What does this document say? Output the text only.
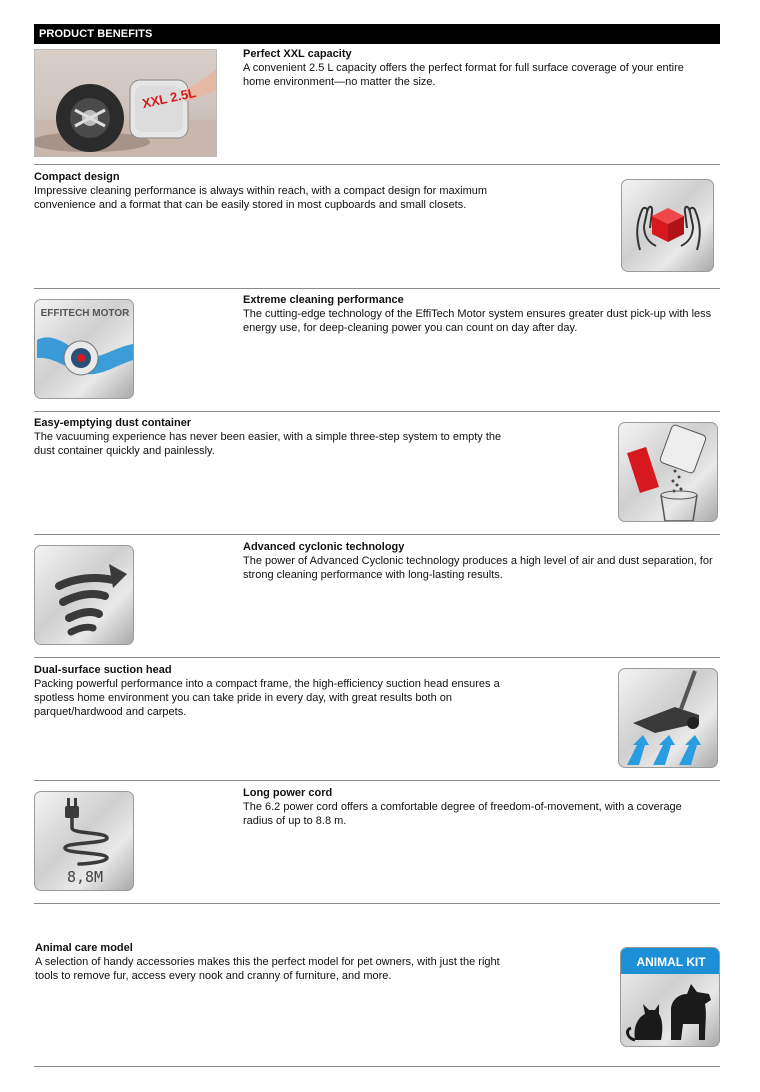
PRODUCT BENEFITS
XXL 2.5L
Perfect XXL capacity
A convenient 2.5 L capacity offers the perfect format for full surface coverage of your entire home environment—no matter the size.
Compact design
Impressive cleaning performance is always within reach, with a compact design for maximum convenience and a format that can be easily stored in most cupboards and small closets.
EFFITECH MOTOR
Extreme cleaning performance
The cutting-edge technology of the EffiTech Motor system ensures greater dust pick-up with less energy use, for deep-cleaning power you can count on day after day.
Easy-emptying dust container
The vacuuming experience has never been easier, with a simple three-step system to empty the dust container quickly and painlessly.
Advanced cyclonic technology
The power of Advanced Cyclonic technology produces a high level of air and dust separation, for strong cleaning performance with long-lasting results.
Dual-surface suction head
Packing powerful performance into a compact frame, the high-efficiency suction head ensures a spotless home environment you can take pride in every day, with great results both on parquet/hardwood and carpets.
8,8M
Long power cord
The 6.2 power cord offers a comfortable degree of freedom-of-movement, with a coverage radius of up to 8.8 m.
Animal care model
A selection of handy accessories makes this the perfect model for pet owners, with just the right tools to remove fur, access every nook and cranny of furniture, and more.
ANIMAL KIT
